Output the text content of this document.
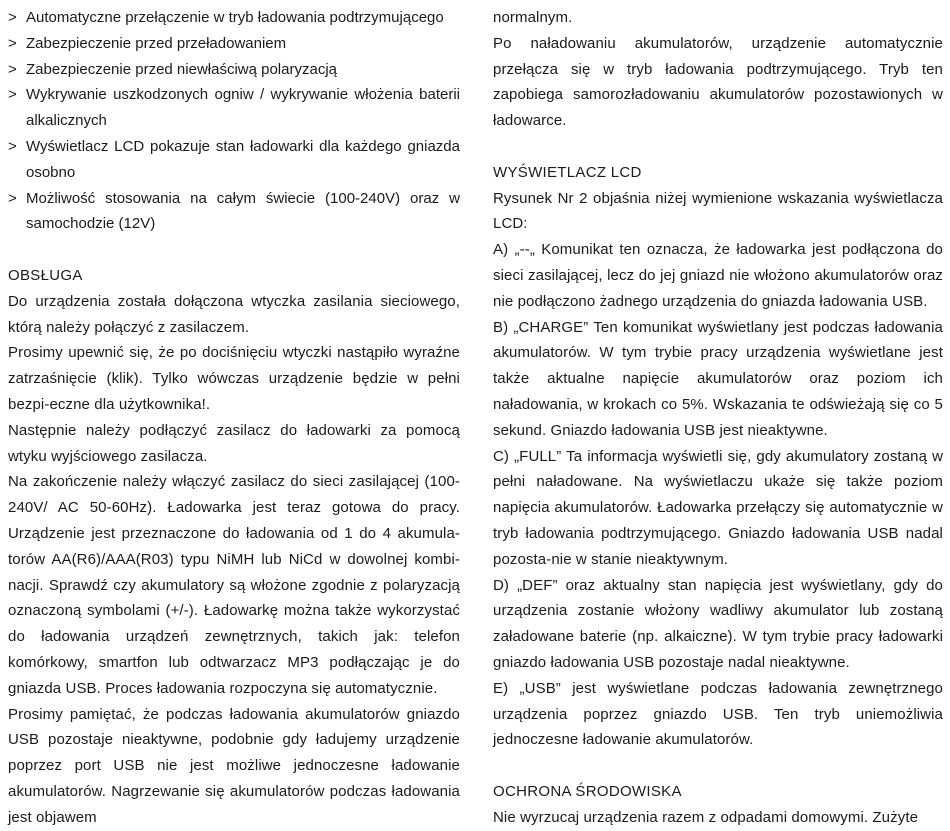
> Automatyczne przełączenie w tryb ładowania podtrzymującego
> Zabezpieczenie przed przeładowaniem
> Zabezpieczenie przed niewłaściwą polaryzacją
> Wykrywanie uszkodzonych ogniw / wykrywanie włożenia baterii alkalicznych
> Wyświetlacz LCD pokazuje stan ładowarki dla każdego gniazda osobno
> Możliwość stosowania na całym świecie (100-240V) oraz w samochodzie (12V)

OBSŁUGA

Do urządzenia została dołączona wtyczka zasilania sieciowego, którą należy połączyć z zasilaczem.

Prosimy upewnić się, że po dociśnięciu wtyczki nastąpiło wyraźne zatrzaśnięcie (klik). Tylko wówczas urządzenie będzie w pełni bezpi-eczne dla użytkownika!.

Następnie należy podłączyć zasilacz do ładowarki za pomocą wtyku wyjściowego zasilacza.

Na zakończenie należy włączyć zasilacz do sieci zasilającej (100-240V/ AC 50-60Hz). Ładowarka jest teraz gotowa do pracy. Urządzenie jest przeznaczone do ładowania od 1 do 4 akumula-torów AA(R6)/AAA(R03) typu NiMH lub NiCd w dowolnej kombi-nacji. Sprawdź czy akumulatory są włożone zgodnie z polaryzacją oznaczoną symbolami (+/-). Ładowarkę można także wykorzystać do ładowania urządzeń zewnętrznych, takich jak: telefon komórkowy, smartfon lub odtwarzacz MP3 podłączając je do gniazda USB. Proces ładowania rozpoczyna się automatycznie.

Prosimy pamiętać, że podczas ładowania akumulatorów gniazdo USB pozostaje nieaktywne, podobnie gdy ładujemy urządzenie poprzez port USB nie jest możliwe jednoczesne ładowanie akumulatorów. Nagrzewanie się akumulatorów podczas ładowania jest objawem

normalnym.

Po naładowaniu akumulatorów, urządzenie automatycznie przełącza się w tryb ładowania podtrzymującego. Tryb ten zapobiega samorozładowaniu akumulatorów pozostawionych w ładowarce.

WYŚWIETLACZ LCD

Rysunek Nr 2 objaśnia niżej wymienione wskazania wyświetlacza LCD:

A) „--„ Komunikat ten oznacza, że ładowarka jest podłączona do sieci zasilającej, lecz do jej gniazd nie włożono akumulatorów oraz nie podłączono żadnego urządzenia do gniazda ładowania USB.

B) „CHARGE” Ten komunikat wyświetlany jest podczas ładowania akumulatorów. W tym trybie pracy urządzenia wyświetlane jest także aktualne napięcie akumulatorów oraz poziom ich naładowania, w krokach co 5%. Wskazania te odświeżają się co 5 sekund. Gniazdo ładowania USB jest nieaktywne.

C) „FULL” Ta informacja wyświetli się, gdy akumulatory zostaną w pełni naładowane. Na wyświetlaczu ukaże się także poziom napięcia akumulatorów. Ładowarka przełączy się automatycznie w tryb ładowania podtrzymującego. Gniazdo ładowania USB nadal pozosta-nie w stanie nieaktywnym.

D) „DEF” oraz aktualny stan napięcia jest wyświetlany, gdy do urządzenia zostanie włożony wadliwy akumulator lub zostaną załadowane baterie (np. alkaiczne). W tym trybie pracy ładowarki gniazdo ładowania USB pozostaje nadal nieaktywne.

E) „USB” jest wyświetlane podczas ładowania zewnętrznego urządzenia poprzez gniazdo USB. Ten tryb uniemożliwia jednoczesne ładowanie akumulatorów.

OCHRONA ŚRODOWISKA

Nie wyrzucaj urządzenia razem z odpadami domowymi. Zużyte
